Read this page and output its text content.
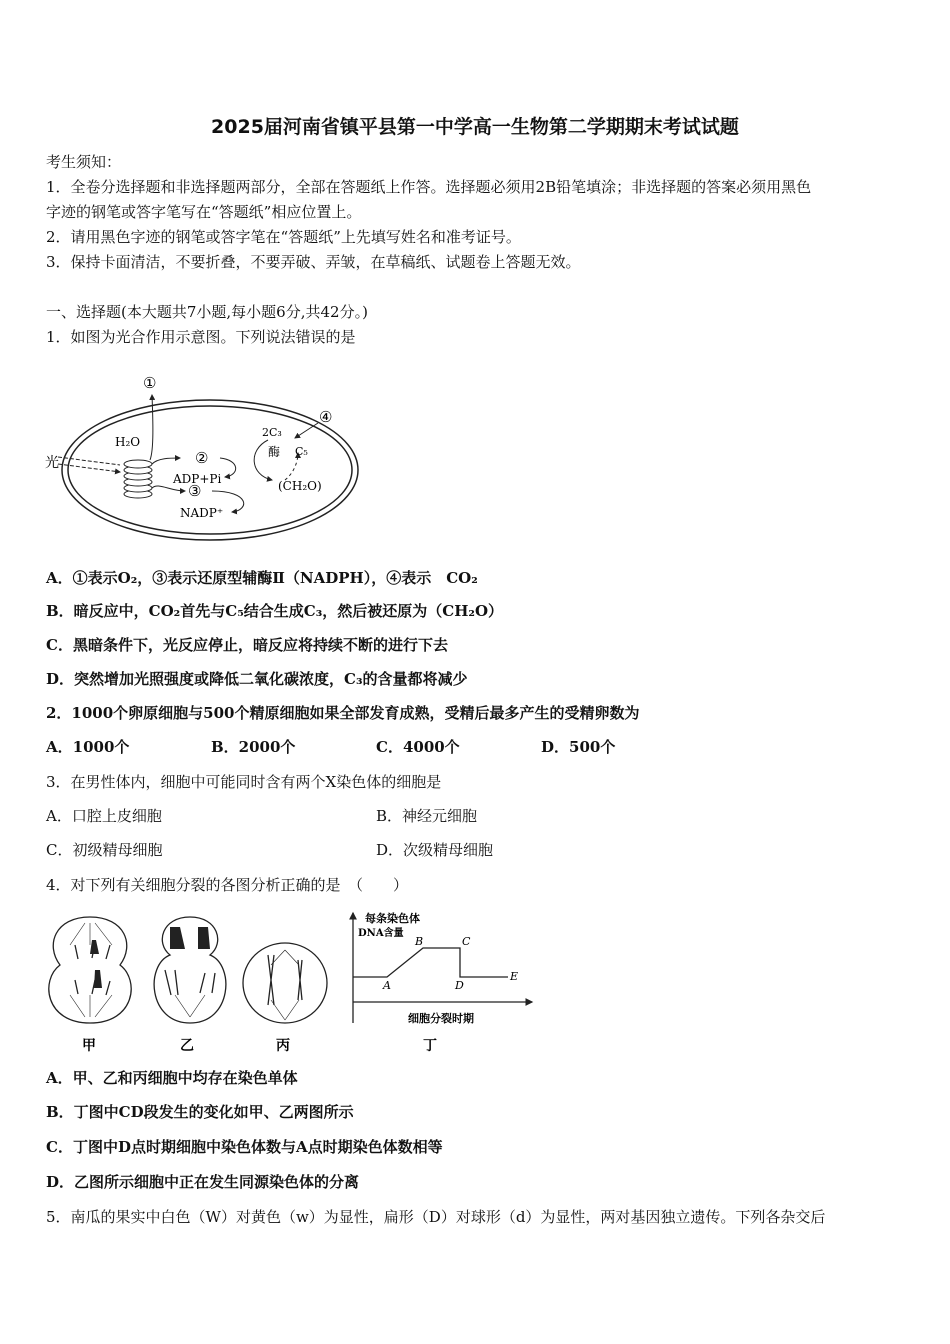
2025届河南省镇平县第一中学高一生物第二学期期末考试试题
考生须知：
1．全卷分选择题和非选择题两部分，全部在答题纸上作答。选择题必须用2B铅笔填涂；非选择题的答案必须用黑色
字迹的钢笔或答字笔写在“答题纸”相应位置上。
2．请用黑色字迹的钢笔或答字笔在“答题纸”上先填写姓名和准考证号。
3．保持卡面清洁，不要折叠，不要弄破、弄皱，在草稿纸、试题卷上答题无效。
一、选择题(本大题共7小题,每小题6分,共42分。)
1．如图为光合作用示意图。下列说法错误的是
光
H₂O
①
②
ADP+Pi
③
NADP⁺
④
2C₃
酶 C₅
(CH₂O)
A．①表示O₂，③表示还原型辅酶Ⅱ（NADPH），④表示　CO₂
B．暗反应中，CO₂首先与C₅结合生成C₃，然后被还原为（CH₂O）
C．黑暗条件下，光反应停止，暗反应将持续不断的进行下去
D．突然增加光照强度或降低二氧化碳浓度，C₃的含量都将减少
2．1000个卵原细胞与500个精原细胞如果全部发育成熟，受精后最多产生的受精卵数为
A．1000个	B．2000个	C．4000个	D．500个
3．在男性体内，细胞中可能同时含有两个X染色体的细胞是
A．口腔上皮细胞	B．神经元细胞
C．初级精母细胞	D．次级精母细胞
4．对下列有关细胞分裂的各图分析正确的是　（　　）
每条染色体
DNA含量
细胞分裂时期
A
B	C
D
E
甲	乙	丙	丁
A．甲、乙和丙细胞中均存在染色单体
B．丁图中CD段发生的变化如甲、乙两图所示
C．丁图中D点时期细胞中染色体数与A点时期染色体数相等
D．乙图所示细胞中正在发生同源染色体的分离
5．南瓜的果实中白色（W）对黄色（w）为显性，扁形（D）对球形（d）为显性，两对基因独立遗传。下列各杂交后
